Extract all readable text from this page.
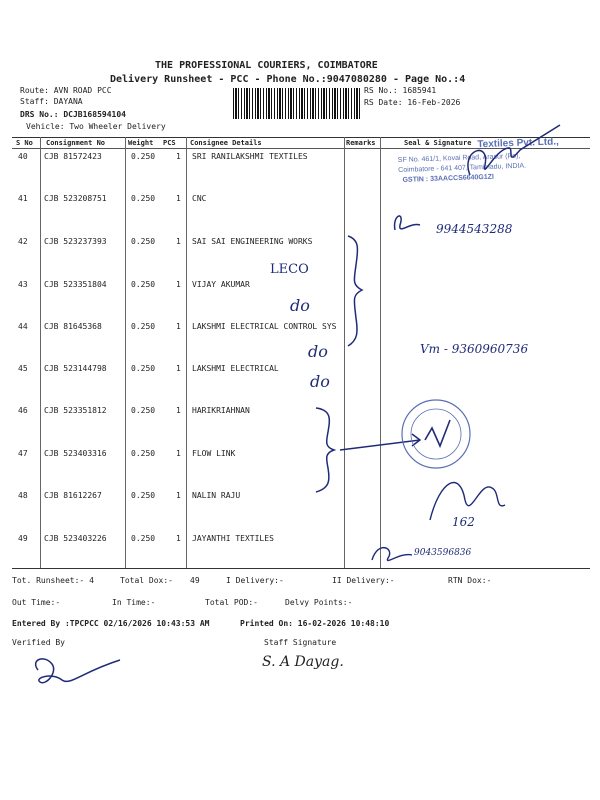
THE PROFESSIONAL COURIERS, COIMBATORE
Delivery Runsheet - PCC - Phone No.:9047080280 - Page No.:4
Route: AVN ROAD PCC
Staff: DAYANA
DRS No.: DCJB168594104
Vehicle: Two Wheeler Delivery
RS No.: 1685941
RS Date: 16-Feb-2026
S No Consignment No	Weight PCS Consignee Details	Remarks	Seal & Signature
40 CJB 81572423	0.250	1 SRI RANILAKSHMI TEXTILES
41 CJB 523208751	0.250	1 CNC
42 CJB 523237393	0.250	1 SAI SAI ENGINEERING WORKS
43 CJB 523351804	0.250	1 VIJAY AKUMAR
44 CJB 81645368	0.250	1 LAKSHMI ELECTRICAL CONTROL SYS
45 CJB 523144798	0.250	1 LAKSHMI ELECTRICAL
46 CJB 523351812	0.250	1 HARIKRIAHNAN
47 CJB 523403316	0.250	1 FLOW LINK
48 CJB 81612267	0.250	1 NALIN RAJU
49 CJB 523403226	0.250	1 JAYANTHI TEXTILES
Textiles Pvt. Ltd.,
SF No. 461/1, Kovai Road, Arasur (Po),
Coimbatore - 641 407, Tamilnadu, INDIA.
GSTIN : 33AACCS6640G1ZI
9944543288
LECO
do
do
do
Vm - 9360960736
162
9043596836
Tot. Runsheet:- 4	Total Dox:- 49	I Delivery:-	II Delivery:-	RTN Dox:-
Out Time:-	In Time:-	Total POD:-	Delvy Points:-
Entered By :TPCPCC 02/16/2026 10:43:53 AM	Printed On: 16-02-2026 10:48:10
Verified By	Staff Signature
S. A Dayag.
